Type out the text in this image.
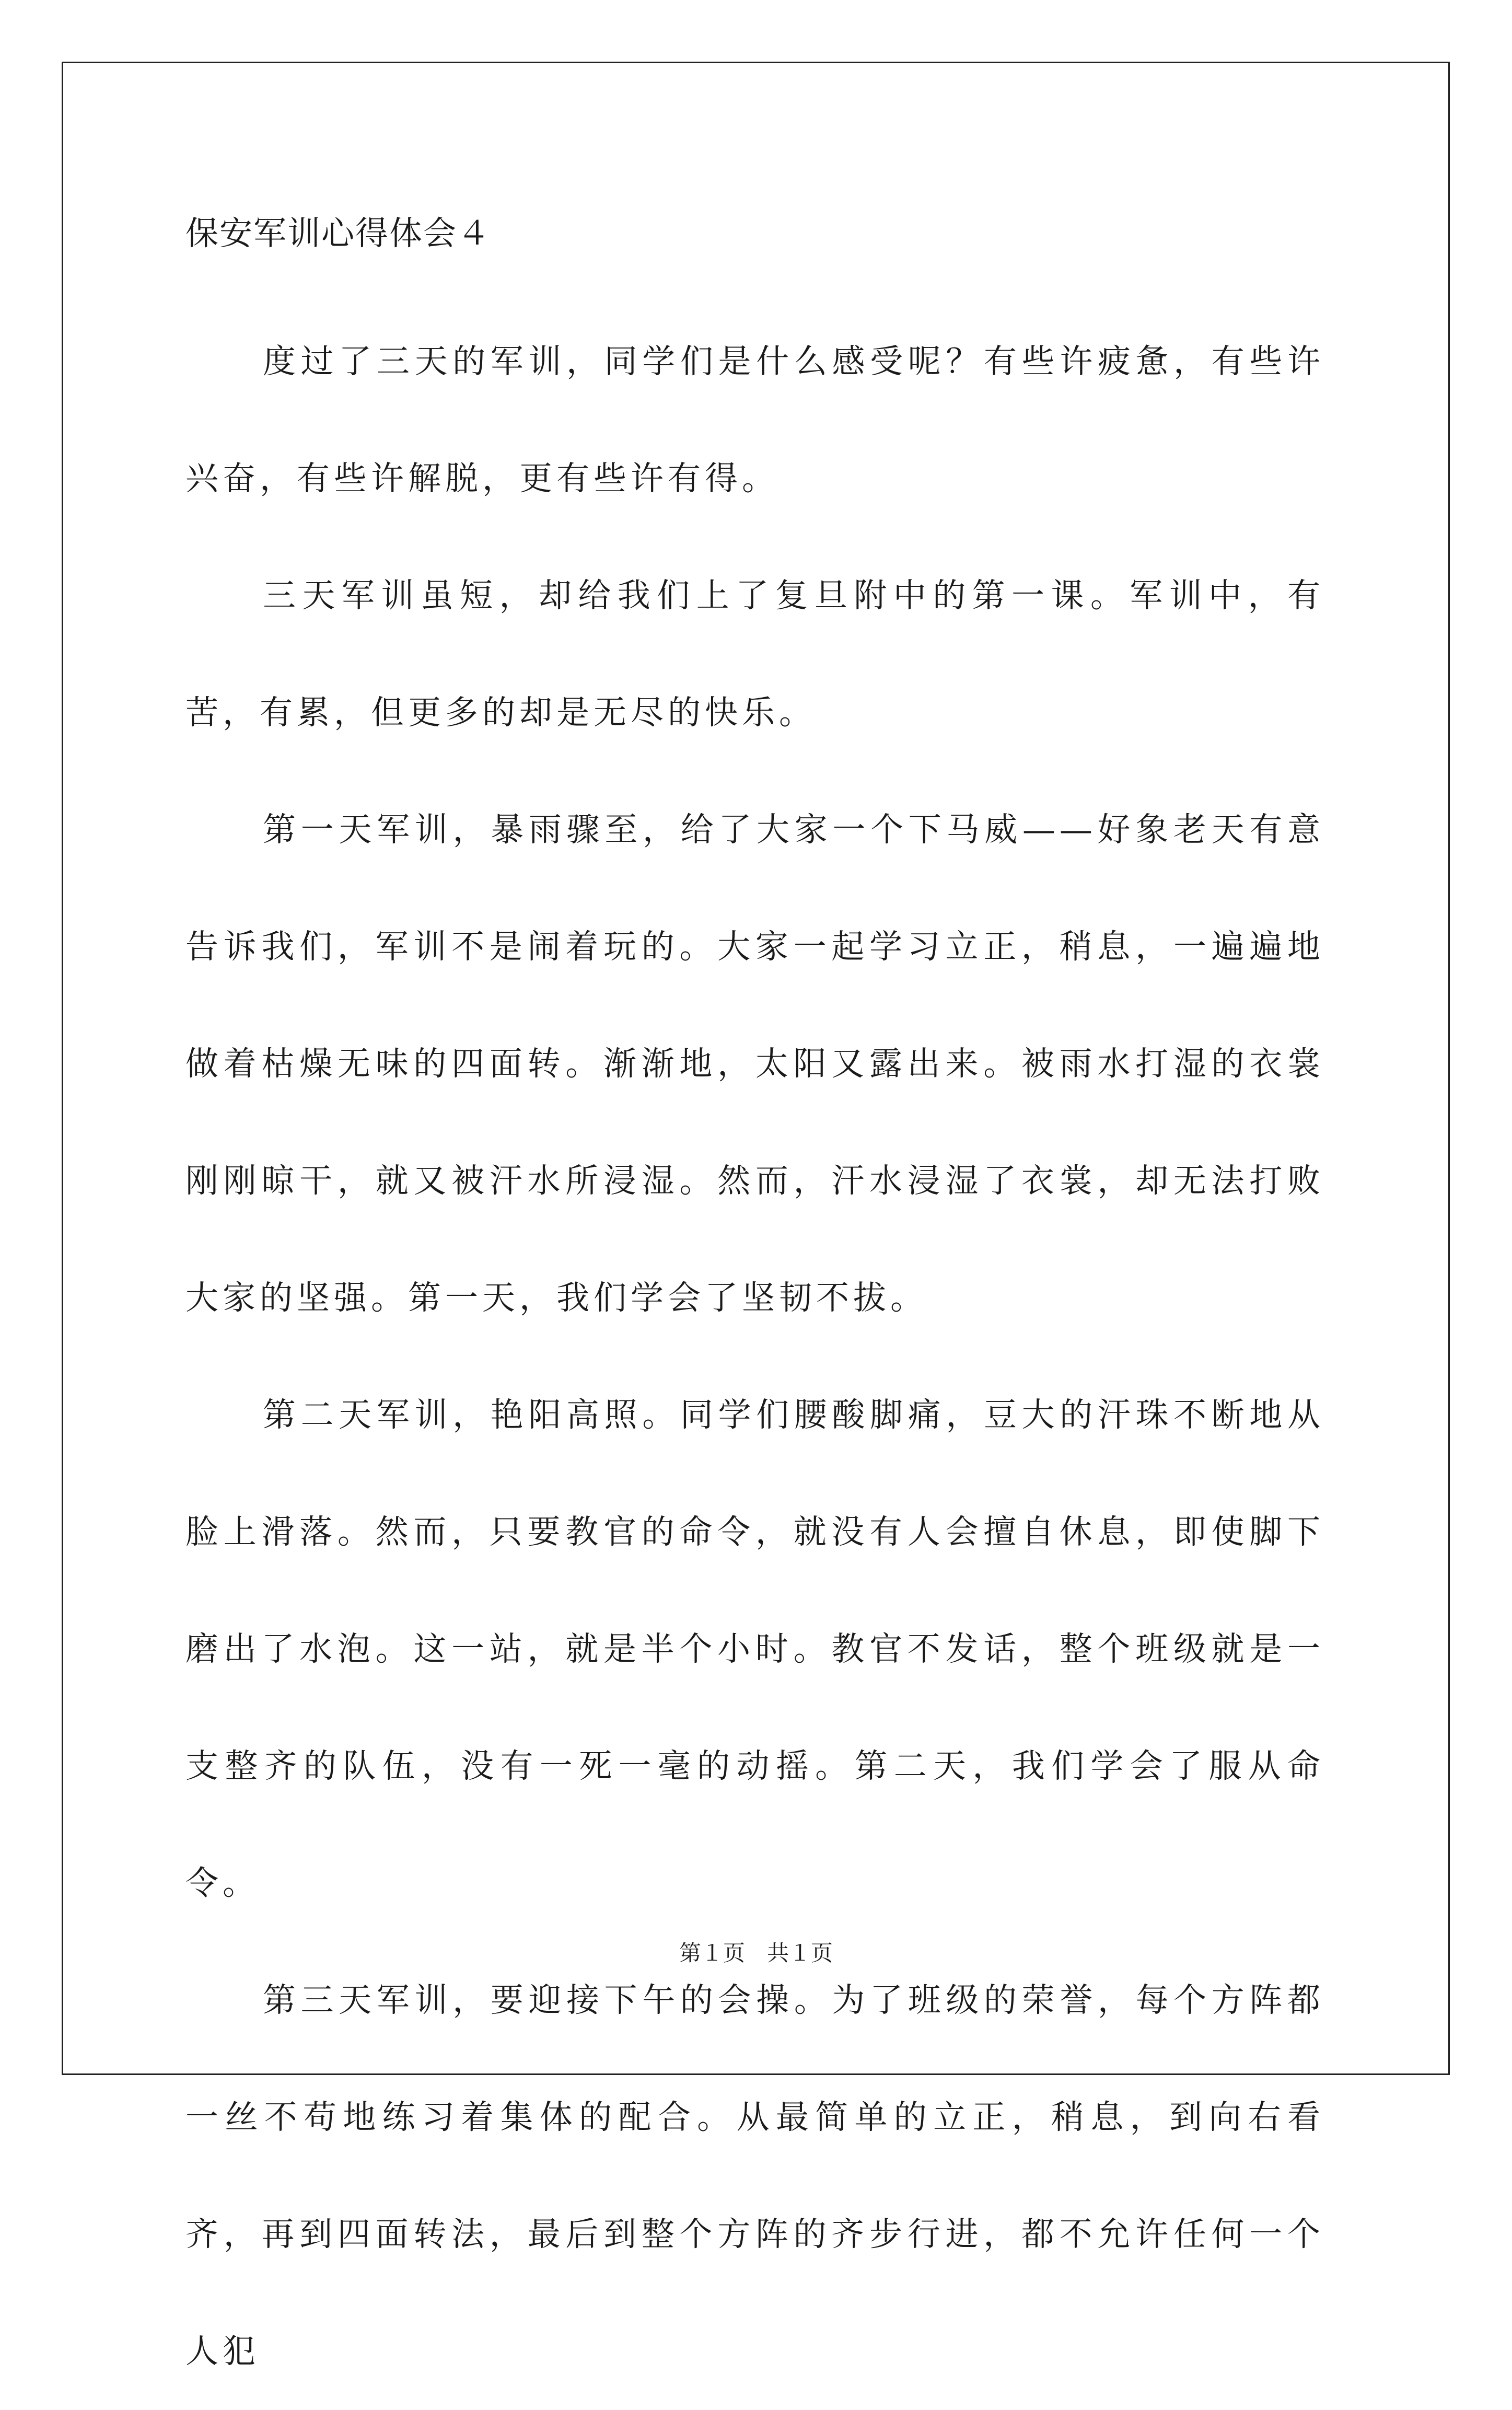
保安军训心得体会４

度过了三天的军训，同学们是什么感受呢？有些许疲惫，有些许兴奋，有些许解脱，更有些许有得。

三天军训虽短，却给我们上了复旦附中的第一课。军训中，有苦，有累，但更多的却是无尽的快乐。

第一天军训，暴雨骤至，给了大家一个下马威——好象老天有意告诉我们，军训不是闹着玩的。大家一起学习立正，稍息，一遍遍地做着枯燥无味的四面转。渐渐地，太阳又露出来。被雨水打湿的衣裳刚刚晾干，就又被汗水所浸湿。然而，汗水浸湿了衣裳，却无法打败大家的坚强。第一天，我们学会了坚韧不拔。

第二天军训，艳阳高照。同学们腰酸脚痛，豆大的汗珠不断地从脸上滑落。然而，只要教官的命令，就没有人会擅自休息，即使脚下磨出了水泡。这一站，就是半个小时。教官不发话，整个班级就是一支整齐的队伍，没有一死一毫的动摇。第二天，我们学会了服从命令。

第三天军训，要迎接下午的会操。为了班级的荣誉，每个方阵都一丝不苟地练习着集体的配合。从最简单的立正，稍息，到向右看齐，再到四面转法，最后到整个方阵的齐步行进，都不允许任何一个人犯

第１页　共１页
